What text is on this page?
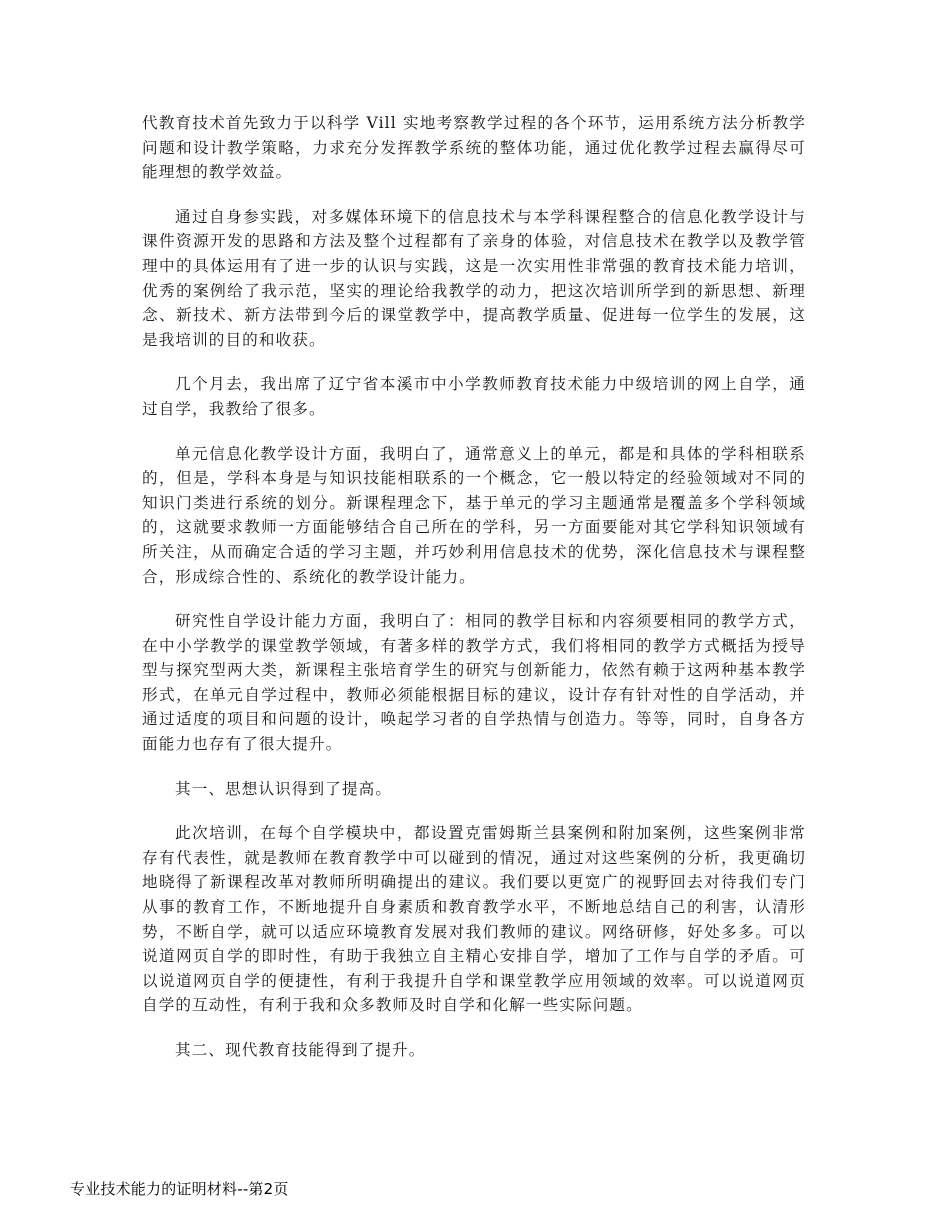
代教育技术首先致力于以科学 Vill 实地考察教学过程的各个环节，运用系统方法分析教学问题和设计教学策略，力求充分发挥教学系统的整体功能，通过优化教学过程去赢得尽可能理想的教学效益。

通过自身参实践，对多媒体环境下的信息技术与本学科课程整合的信息化教学设计与课件资源开发的思路和方法及整个过程都有了亲身的体验，对信息技术在教学以及教学管理中的具体运用有了进一步的认识与实践，这是一次实用性非常强的教育技术能力培训，优秀的案例给了我示范，坚实的理论给我教学的动力，把这次培训所学到的新思想、新理念、新技术、新方法带到今后的课堂教学中，提高教学质量、促进每一位学生的发展，这是我培训的目的和收获。

几个月去，我出席了辽宁省本溪市中小学教师教育技术能力中级培训的网上自学，通过自学，我教给了很多。

单元信息化教学设计方面，我明白了，通常意义上的单元，都是和具体的学科相联系的，但是，学科本身是与知识技能相联系的一个概念，它一般以特定的经验领域对不同的知识门类进行系统的划分。新课程理念下，基于单元的学习主题通常是覆盖多个学科领域的，这就要求教师一方面能够结合自己所在的学科，另一方面要能对其它学科知识领域有所关注，从而确定合适的学习主题，并巧妙利用信息技术的优势，深化信息技术与课程整合，形成综合性的、系统化的教学设计能力。

研究性自学设计能力方面，我明白了：相同的教学目标和内容须要相同的教学方式，在中小学教学的课堂教学领域，有著多样的教学方式，我们将相同的教学方式概括为授导型与探究型两大类，新课程主张培育学生的研究与创新能力，依然有赖于这两种基本教学形式，在单元自学过程中，教师必须能根据目标的建议，设计存有针对性的自学活动，并通过适度的项目和问题的设计，唤起学习者的自学热情与创造力。等等，同时，自身各方面能力也存有了很大提升。

其一、思想认识得到了提高。

此次培训，在每个自学模块中，都设置克雷姆斯兰县案例和附加案例，这些案例非常存有代表性，就是教师在教育教学中可以碰到的情况，通过对这些案例的分析，我更确切地晓得了新课程改革对教师所明确提出的建议。我们要以更宽广的视野回去对待我们专门从事的教育工作，不断地提升自身素质和教育教学水平，不断地总结自己的利害，认清形势，不断自学，就可以适应环境教育发展对我们教师的建议。网络研修，好处多多。可以说道网页自学的即时性，有助于我独立自主精心安排自学，增加了工作与自学的矛盾。可以说道网页自学的便捷性，有利于我提升自学和课堂教学应用领域的效率。可以说道网页自学的互动性，有利于我和众多教师及时自学和化解一些实际问题。

其二、现代教育技能得到了提升。

专业技术能力的证明材料--第2页
